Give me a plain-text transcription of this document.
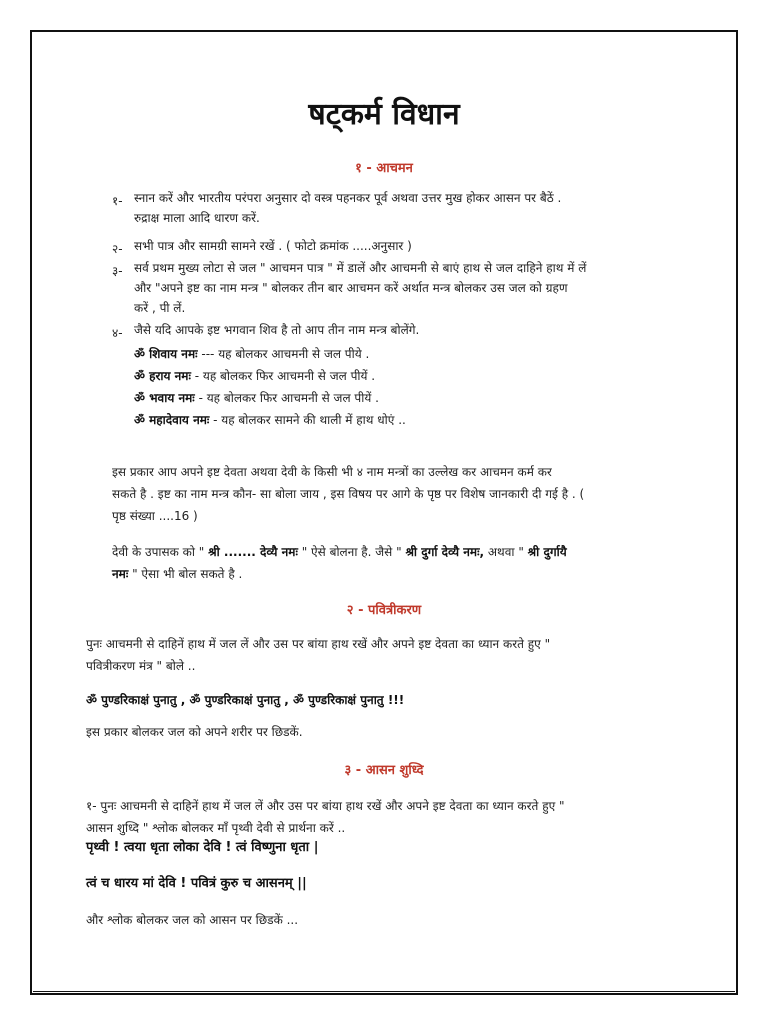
षट्कर्म विधान
१ - आचमन
१- स्नान करें और भारतीय परंपरा अनुसार दो वस्त्र पहनकर पूर्व अथवा उत्तर मुख होकर आसन पर बैठें .
रुद्राक्ष माला आदि धारण करें.
२- सभी पात्र और सामग्री सामने रखें . ( फोटो क्रमांक .....अनुसार )
३- सर्व प्रथम मुख्य लोटा से जल " आचमन पात्र " में डालें और आचमनी से बाएं हाथ से जल दाहिने हाथ में लें
और "अपने इष्ट का नाम मन्त्र " बोलकर तीन बार आचमन करें अर्थात मन्त्र बोलकर उस जल को ग्रहण
करें , पी लें.
४- जैसे यदि आपके इष्ट भगवान शिव है तो आप तीन नाम मन्त्र बोलेंगे.
ॐ शिवाय नमः --- यह बोलकर आचमनी से जल पीये .
ॐ हराय नमः - यह बोलकर फिर आचमनी से जल पीयें .
ॐ भवाय नमः - यह बोलकर फिर आचमनी से जल पीयें .
ॐ महादेवाय नमः - यह बोलकर सामने की थाली में हाथ धोएं ..
इस प्रकार आप अपने इष्ट देवता अथवा देवी के किसी भी ४ नाम मन्त्रों का उल्लेख कर आचमन कर्म कर
सकते है . इष्ट का नाम मन्त्र कौन- सा बोला जाय , इस विषय पर आगे के पृष्ठ पर विशेष जानकारी दी गई है . (
पृष्ठ संख्या ....16 )
देवी के उपासक को " श्री ....... देव्यै नमः " ऐसे बोलना है. जैसे " श्री दुर्गा देव्यै नमः, अथवा " श्री दुर्गायै
नमः " ऐसा भी बोल सकते है .
२ - पवित्रीकरण
पुनः आचमनी से दाहिनें हाथ में जल लें और उस पर बांया हाथ रखें और अपने इष्ट देवता का ध्यान करते हुए "
पवित्रीकरण मंत्र " बोले ..
ॐ पुण्डरिकाक्षं पुनातु , ॐ पुण्डरिकाक्षं पुनातु , ॐ पुण्डरिकाक्षं पुनातु !!!
इस प्रकार बोलकर जल को अपने शरीर पर छिडकें.
३ - आसन शुध्दि
१- पुनः आचमनी से दाहिनें हाथ में जल लें और उस पर बांया हाथ रखें और अपने इष्ट देवता का ध्यान करते हुए "
आसन शुध्दि " श्लोक बोलकर माँ पृथ्वी देवी से प्रार्थना करें ..
पृथ्वी ! त्वया धृता लोका देवि ! त्वं विष्णुना धृता |
त्वं च धारय मां देवि ! पवित्रं कुरु च आसनम् ||
और श्लोक बोलकर जल को आसन पर छिडकें ...
